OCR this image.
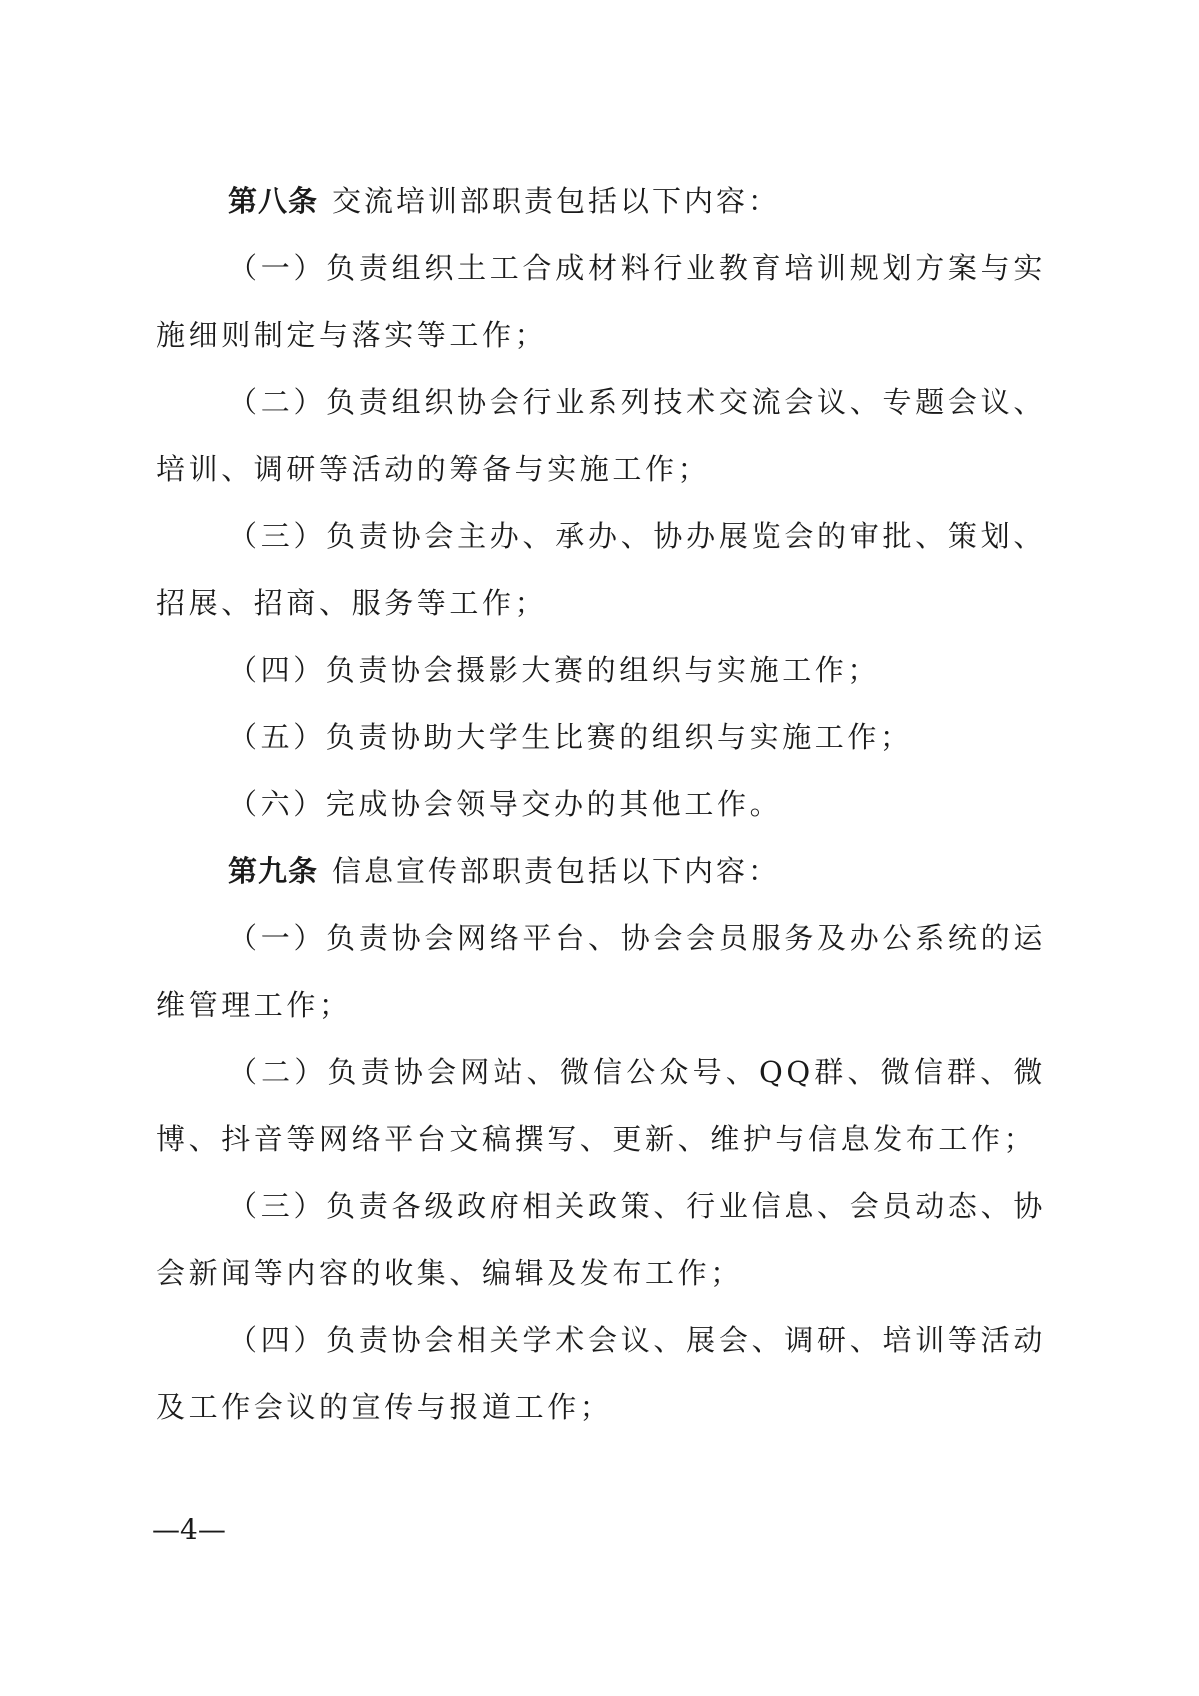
第八条 交流培训部职责包括以下内容：

（一）负责组织土工合成材料行业教育培训规划方案与实施细则制定与落实等工作；

（二）负责组织协会行业系列技术交流会议、专题会议、培训、调研等活动的筹备与实施工作；

（三）负责协会主办、承办、协办展览会的审批、策划、招展、招商、服务等工作；

（四）负责协会摄影大赛的组织与实施工作；

（五）负责协助大学生比赛的组织与实施工作；

（六）完成协会领导交办的其他工作。

第九条 信息宣传部职责包括以下内容：

（一）负责协会网络平台、协会会员服务及办公系统的运维管理工作；

（二）负责协会网站、微信公众号、QQ群、微信群、微博、抖音等网络平台文稿撰写、更新、维护与信息发布工作；

（三）负责各级政府相关政策、行业信息、会员动态、协会新闻等内容的收集、编辑及发布工作；

（四）负责协会相关学术会议、展会、调研、培训等活动及工作会议的宣传与报道工作；

—4—
